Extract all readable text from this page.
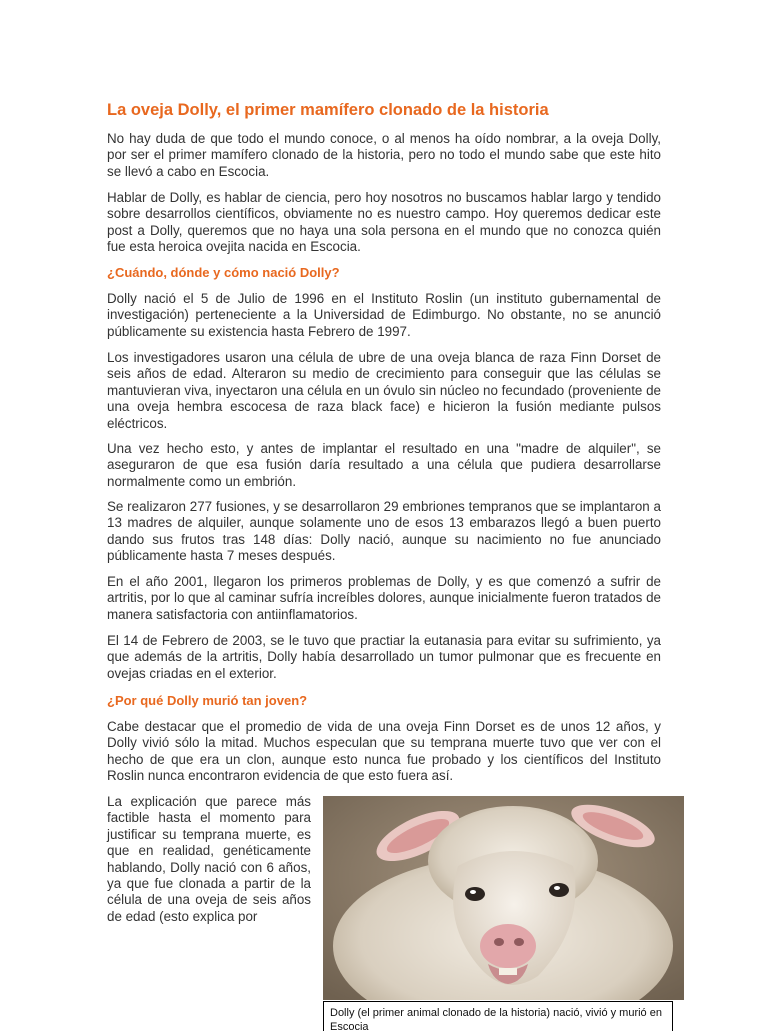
La oveja Dolly, el primer mamífero clonado de la historia

No hay duda de que todo el mundo conoce, o al menos ha oído nombrar, a la oveja Dolly, por ser el primer mamífero clonado de la historia, pero no todo el mundo sabe que este hito se llevó a cabo en Escocia.

Hablar de Dolly, es hablar de ciencia, pero hoy nosotros no buscamos hablar largo y tendido sobre desarrollos científicos, obviamente no es nuestro campo. Hoy queremos dedicar este post a Dolly, queremos que no haya una sola persona en el mundo que no conozca quién fue esta heroica ovejita nacida en Escocia.

¿Cuándo, dónde y cómo nació Dolly?

Dolly nació el 5 de Julio de 1996 en el Instituto Roslin (un instituto gubernamental de investigación) perteneciente a la Universidad de Edimburgo. No obstante, no se anunció públicamente su existencia hasta Febrero de 1997.

Los investigadores usaron una célula de ubre de una oveja blanca de raza Finn Dorset de seis años de edad. Alteraron su medio de crecimiento para conseguir que las células se mantuvieran viva, inyectaron una célula en un óvulo sin núcleo no fecundado (proveniente de una oveja hembra escocesa de raza black face) e hicieron la fusión mediante pulsos eléctricos.

Una vez hecho esto, y antes de implantar el resultado en una "madre de alquiler", se aseguraron de que esa fusión daría resultado a una célula que pudiera desarrollarse normalmente como un embrión.

Se realizaron 277 fusiones, y se desarrollaron 29 embriones tempranos que se implantaron a 13 madres de alquiler, aunque solamente uno de esos 13 embarazos llegó a buen puerto dando sus frutos tras 148 días: Dolly nació, aunque su nacimiento no fue anunciado públicamente hasta 7 meses después.

En el año 2001, llegaron los primeros problemas de Dolly, y es que comenzó a sufrir de artritis, por lo que al caminar sufría increíbles dolores, aunque inicialmente fueron tratados de manera satisfactoria con antiinflamatorios.

El 14 de Febrero de 2003, se le tuvo que practiar la eutanasia para evitar su sufrimiento, ya que además de la artritis, Dolly había desarrollado un tumor pulmonar que es frecuente en ovejas criadas en el exterior.

¿Por qué Dolly murió tan joven?

Cabe destacar que el promedio de vida de una oveja Finn Dorset es de unos 12 años, y Dolly vivió sólo la mitad. Muchos especulan que su temprana muerte tuvo que ver con el hecho de que era un clon, aunque esto nunca fue probado y los científicos del Instituto Roslin nunca encontraron evidencia de que esto fuera así.

La explicación que parece más factible hasta el momento para justificar su temprana muerte, es que en realidad, genéticamente hablando, Dolly nació con 6 años, ya que fue clonada a partir de la célula de una oveja de seis años de edad (esto explica por

Dolly (el primer animal clonado de la historia) nació, vivió y murió en Escocia
